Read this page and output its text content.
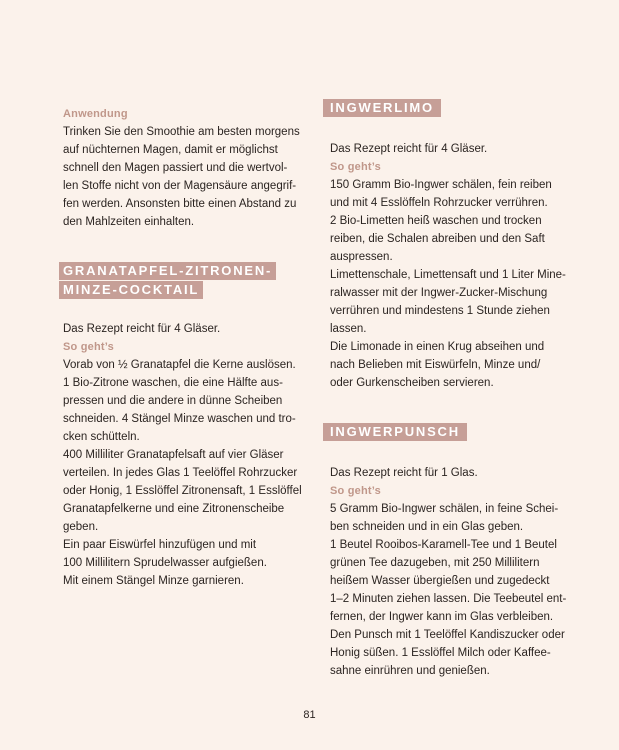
Anwendung
Trinken Sie den Smoothie am besten morgens
auf nüchternen Magen, damit er möglichst
schnell den Magen passiert und die wertvol-
len Stoffe nicht von der Magensäure angegrif-
fen werden. Ansonsten bitte einen Abstand zu
den Mahlzeiten einhalten.
GRANATAPFEL-ZITRONEN-
MINZE-COCKTAIL
Das Rezept reicht für 4 Gläser.
So geht’s
Vorab von ½ Granatapfel die Kerne auslösen.
1 Bio-Zitrone waschen, die eine Hälfte aus-
pressen und die andere in dünne Scheiben
schneiden. 4 Stängel Minze waschen und tro-
cken schütteln.
400 Milliliter Granatapfelsaft auf vier Gläser
verteilen. In jedes Glas 1 Teelöffel Rohrzucker
oder Honig, 1 Esslöffel Zitronensaft, 1 Esslöffel
Granatapfelkerne und eine Zitronenscheibe
geben.
Ein paar Eiswürfel hinzufügen und mit
100 Millilitern Sprudelwasser aufgießen.
Mit einem Stängel Minze garnieren.
INGWERLIMO
Das Rezept reicht für 4 Gläser.
So geht’s
150 Gramm Bio-Ingwer schälen, fein reiben
und mit 4 Esslöffeln Rohrzucker verrühren.
2 Bio-Limetten heiß waschen und trocken
reiben, die Schalen abreiben und den Saft
auspressen.
Limettenschale, Limettensaft und 1 Liter Mine-
ralwasser mit der Ingwer-Zucker-Mischung
verrühren und mindestens 1 Stunde ziehen
lassen.
Die Limonade in einen Krug abseihen und
nach Belieben mit Eiswürfeln, Minze und/
oder Gurkenscheiben servieren.
INGWERPUNSCH
Das Rezept reicht für 1 Glas.
So geht’s
5 Gramm Bio-Ingwer schälen, in feine Schei-
ben schneiden und in ein Glas geben.
1 Beutel Rooibos-Karamell-Tee und 1 Beutel
grünen Tee dazugeben, mit 250 Millilitern
heißem Wasser übergießen und zugedeckt
1–2 Minuten ziehen lassen. Die Teebeutel ent-
fernen, der Ingwer kann im Glas verbleiben.
Den Punsch mit 1 Teelöffel Kandiszucker oder
Honig süßen. 1 Esslöffel Milch oder Kaffee-
sahne einrühren und genießen.
81
